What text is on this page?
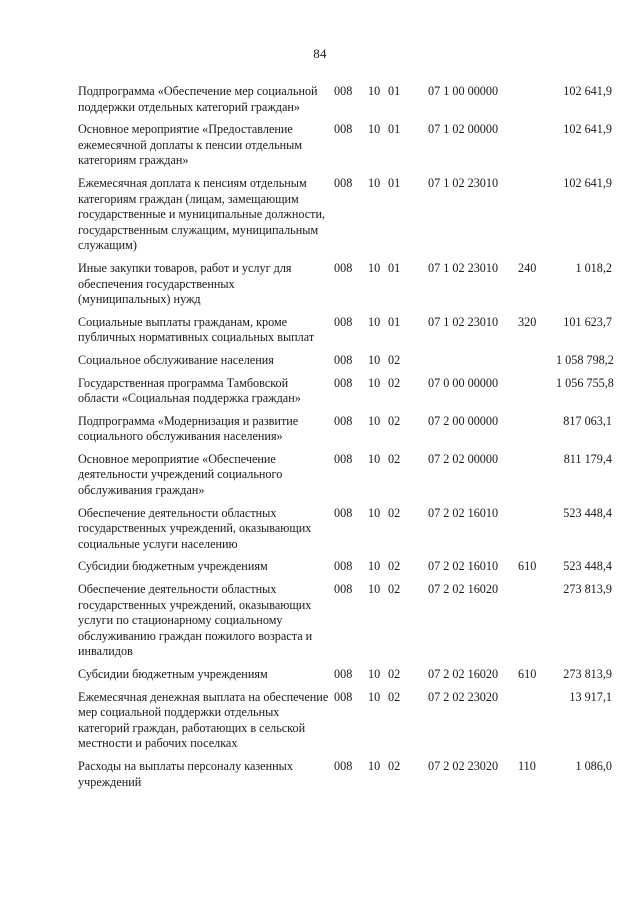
84
Подпрограмма «Обеспечение мер социальной поддержки отдельных категорий граждан»	008	10	01	07 1 00 00000		102 641,9
Основное мероприятие «Предоставление ежемесячной доплаты к пенсии отдельным категориям граждан»	008	10	01	07 1 02 00000		102 641,9
Ежемесячная доплата к пенсиям отдельным категориям граждан (лицам, замещающим государственные и муниципальные должности, государственным служащим, муниципальным служащим)	008	10	01	07 1 02 23010		102 641,9
Иные закупки товаров, работ и услуг для обеспечения государственных (муниципальных) нужд	008	10	01	07 1 02 23010	240	1 018,2
Социальные выплаты гражданам, кроме публичных нормативных социальных выплат	008	10	01	07 1 02 23010	320	101 623,7
Социальное обслуживание населения	008	10	02			1 058 798,2
Государственная программа Тамбовской области «Социальная поддержка граждан»	008	10	02	07 0 00 00000		1 056 755,8
Подпрограмма «Модернизация и развитие социального обслуживания населения»	008	10	02	07 2 00 00000		817 063,1
Основное мероприятие «Обеспечение деятельности учреждений социального обслуживания граждан»	008	10	02	07 2 02 00000		811 179,4
Обеспечение деятельности областных государственных учреждений, оказывающих социальные услуги населению	008	10	02	07 2 02 16010		523 448,4
Субсидии бюджетным учреждениям	008	10	02	07 2 02 16010	610	523 448,4
Обеспечение деятельности областных государственных учреждений, оказывающих услуги по стационарному социальному обслуживанию граждан пожилого возраста и инвалидов	008	10	02	07 2 02 16020		273 813,9
Субсидии бюджетным учреждениям	008	10	02	07 2 02 16020	610	273 813,9
Ежемесячная денежная выплата на обеспечение мер социальной поддержки отдельных категорий граждан, работающих в сельской местности и рабочих поселках	008	10	02	07 2 02 23020		13 917,1
Расходы на выплаты персоналу казенных учреждений	008	10	02	07 2 02 23020	110	1 086,0
